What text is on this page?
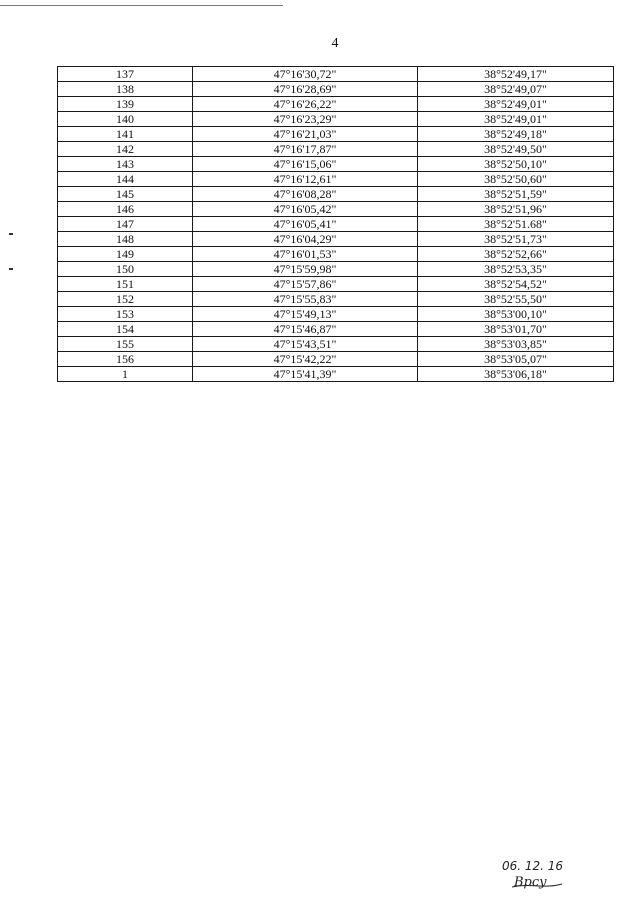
4
137	47°16'30,72"	38°52'49,17"
138	47°16'28,69"	38°52'49,07"
139	47°16'26,22"	38°52'49,01"
140	47°16'23,29"	38°52'49,01"
141	47°16'21,03"	38°52'49,18"
142	47°16'17,87"	38°52'49,50"
143	47°16'15,06"	38°52'50,10"
144	47°16'12,61"	38°52'50,60"
145	47°16'08,28"	38°52'51,59"
146	47°16'05,42"	38°52'51,96"
147	47°16'05,41"	38°52'51.68"
148	47°16'04,29"	38°52'51,73"
149	47°16'01,53"	38°52'52,66"
150	47°15'59,98"	38°52'53,35"
151	47°15'57,86"	38°52'54,52"
152	47°15'55,83"	38°52'55,50"
153	47°15'49,13"	38°53'00,10"
154	47°15'46,87"	38°53'01,70"
155	47°15'43,51"	38°53'03,85"
156	47°15'42,22"	38°53'05,07"
1	47°15'41,39"	38°53'06,18"
06. 12. 16
Врсу
